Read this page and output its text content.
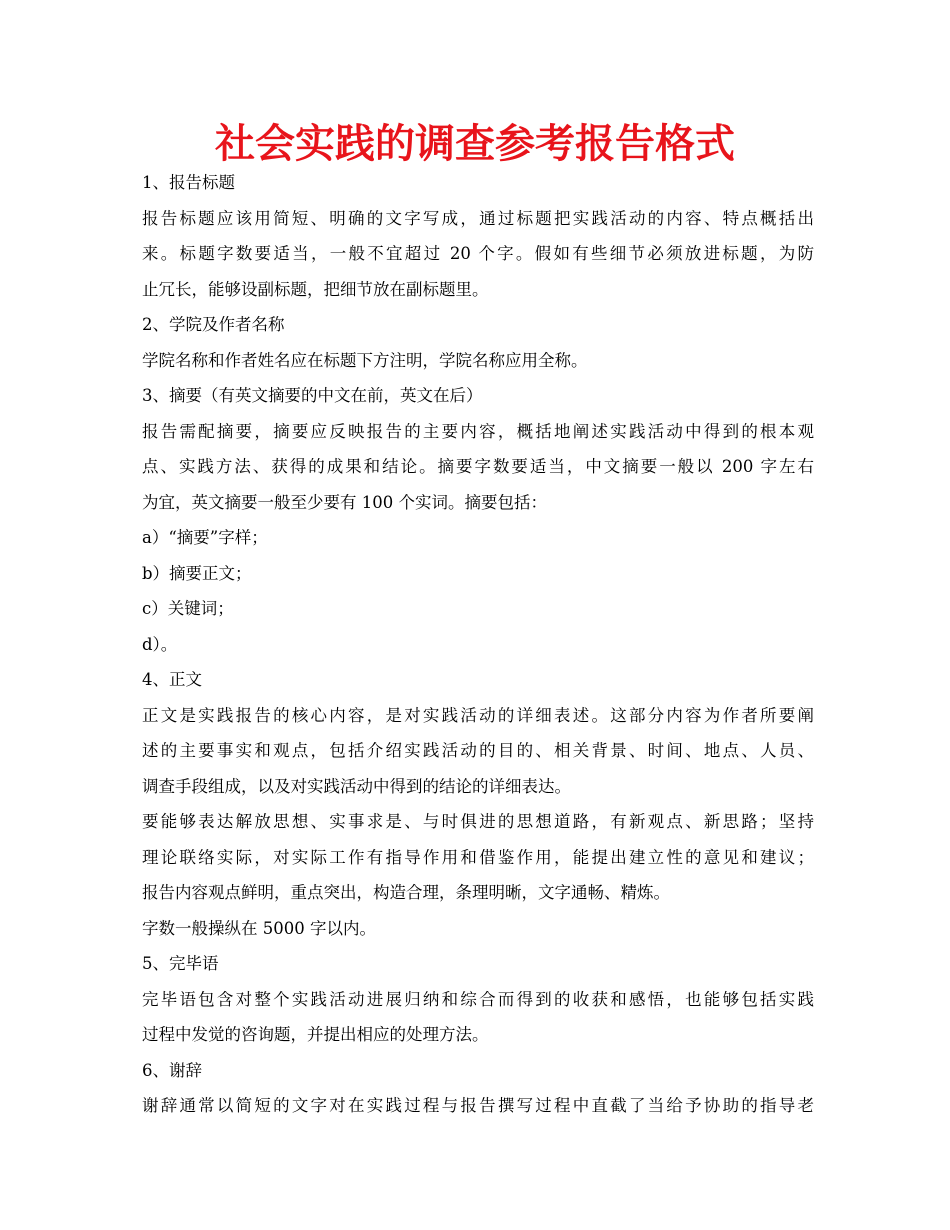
社会实践的调查参考报告格式
1、报告标题
报告标题应该用简短、明确的文字写成，通过标题把实践活动的内容、特点概括出
来。标题字数要适当，一般不宜超过 20 个字。假如有些细节必须放进标题，为防
止冗长，能够设副标题，把细节放在副标题里。
2、学院及作者名称
学院名称和作者姓名应在标题下方注明，学院名称应用全称。
3、摘要（有英文摘要的中文在前，英文在后）
报告需配摘要，摘要应反映报告的主要内容，概括地阐述实践活动中得到的根本观
点、实践方法、获得的成果和结论。摘要字数要适当，中文摘要一般以 200 字左右
为宜，英文摘要一般至少要有 100 个实词。摘要包括：
a）“摘要”字样；
b）摘要正文；
c）关键词；
d）。
4、正文
正文是实践报告的核心内容，是对实践活动的详细表述。这部分内容为作者所要阐
述的主要事实和观点，包括介绍实践活动的目的、相关背景、时间、地点、人员、
调查手段组成，以及对实践活动中得到的结论的详细表达。
要能够表达解放思想、实事求是、与时俱进的思想道路，有新观点、新思路；坚持
理论联络实际，对实际工作有指导作用和借鉴作用，能提出建立性的意见和建议；
报告内容观点鲜明，重点突出，构造合理，条理明晰，文字通畅、精炼。
字数一般操纵在 5000 字以内。
5、完毕语
完毕语包含对整个实践活动进展归纳和综合而得到的收获和感悟，也能够包括实践
过程中发觉的咨询题，并提出相应的处理方法。
6、谢辞
谢辞通常以简短的文字对在实践过程与报告撰写过程中直截了当给予协助的指导老
